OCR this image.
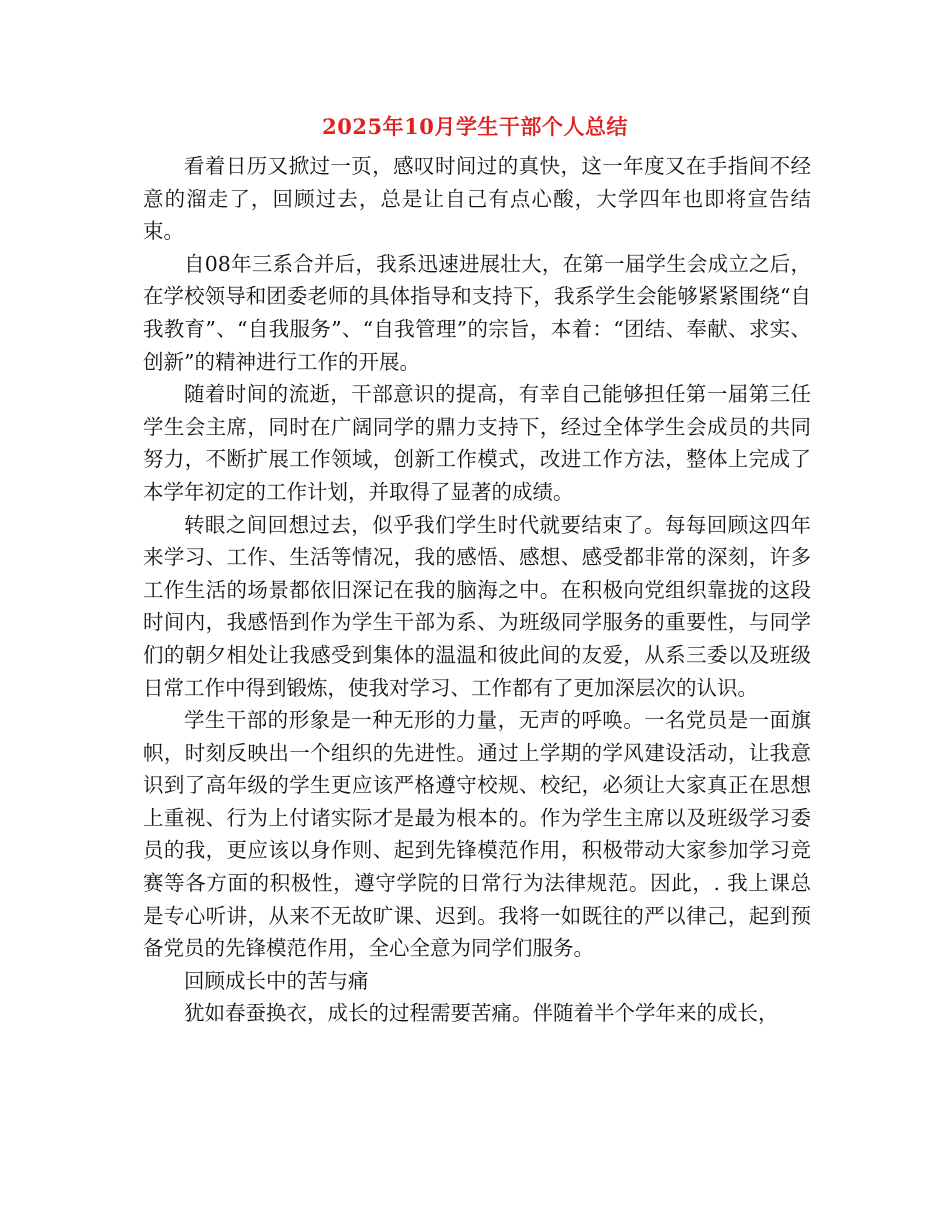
2025年10月学生干部个人总结

看着日历又掀过一页，感叹时间过的真快，这一年度又在手指间不经意的溜走了，回顾过去，总是让自己有点心酸，大学四年也即将宣告结束。

自08年三系合并后，我系迅速进展壮大，在第一届学生会成立之后，在学校领导和团委老师的具体指导和支持下，我系学生会能够紧紧围绕“自我教育”、“自我服务”、“自我管理”的宗旨，本着：“团结、奉献、求实、创新”的精神进行工作的开展。

随着时间的流逝，干部意识的提高，有幸自己能够担任第一届第三任学生会主席，同时在广阔同学的鼎力支持下，经过全体学生会成员的共同努力，不断扩展工作领域，创新工作模式，改进工作方法，整体上完成了本学年初定的工作计划，并取得了显著的成绩。

转眼之间回想过去，似乎我们学生时代就要结束了。每每回顾这四年来学习、工作、生活等情况，我的感悟、感想、感受都非常的深刻，许多工作生活的场景都依旧深记在我的脑海之中。在积极向党组织靠拢的这段时间内，我感悟到作为学生干部为系、为班级同学服务的重要性，与同学们的朝夕相处让我感受到集体的温温和彼此间的友爱，从系三委以及班级日常工作中得到锻炼，使我对学习、工作都有了更加深层次的认识。

学生干部的形象是一种无形的力量，无声的呼唤。一名党员是一面旗帜，时刻反映出一个组织的先进性。通过上学期的学风建设活动，让我意识到了高年级的学生更应该严格遵守校规、校纪，必须让大家真正在思想上重视、行为上付诸实际才是最为根本的。作为学生主席以及班级学习委员的我，更应该以身作则、起到先锋模范作用，积极带动大家参加学习竞赛等各方面的积极性，遵守学院的日常行为法律规范。因此，. 我上课总是专心听讲，从来不无故旷课、迟到。我将一如既往的严以律己，起到预备党员的先锋模范作用，全心全意为同学们服务。

回顾成长中的苦与痛

犹如春蚕换衣，成长的过程需要苦痛。伴随着半个学年来的成长，
